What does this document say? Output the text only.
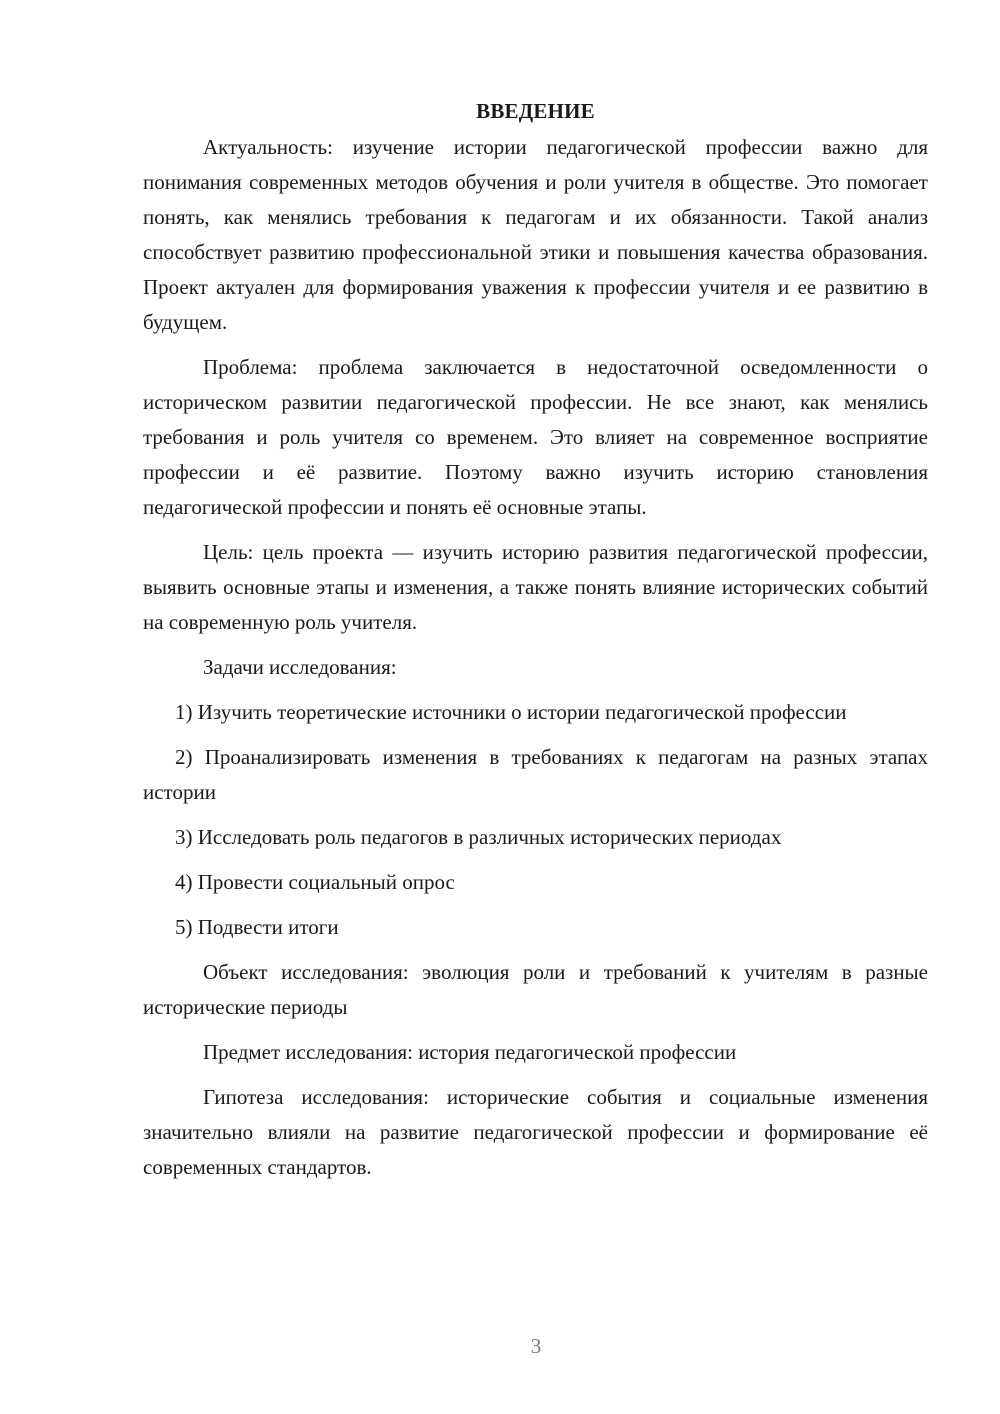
ВВЕДЕНИЕ

Актуальность: изучение истории педагогической профессии важно для понимания современных методов обучения и роли учителя в обществе. Это помогает понять, как менялись требования к педагогам и их обязанности. Такой анализ способствует развитию профессиональной этики и повышения качества образования. Проект актуален для формирования уважения к профессии учителя и ее развитию в будущем.

Проблема: проблема заключается в недостаточной осведомленности о историческом развитии педагогической профессии. Не все знают, как менялись требования и роль учителя со временем. Это влияет на современное восприятие профессии и её развитие. Поэтому важно изучить историю становления педагогической профессии и понять её основные этапы.

Цель: цель проекта — изучить историю развития педагогической профессии, выявить основные этапы и изменения, а также понять влияние исторических событий на современную роль учителя.

Задачи исследования:

1) Изучить теоретические источники о истории педагогической профессии

2) Проанализировать изменения в требованиях к педагогам на разных этапах истории

3) Исследовать роль педагогов в различных исторических периодах

4) Провести социальный опрос

5) Подвести итоги

Объект исследования: эволюция роли и требований к учителям в разные исторические периоды

Предмет исследования: история педагогической профессии

Гипотеза исследования: исторические события и социальные изменения значительно влияли на развитие педагогической профессии и формирование её современных стандартов.

3
